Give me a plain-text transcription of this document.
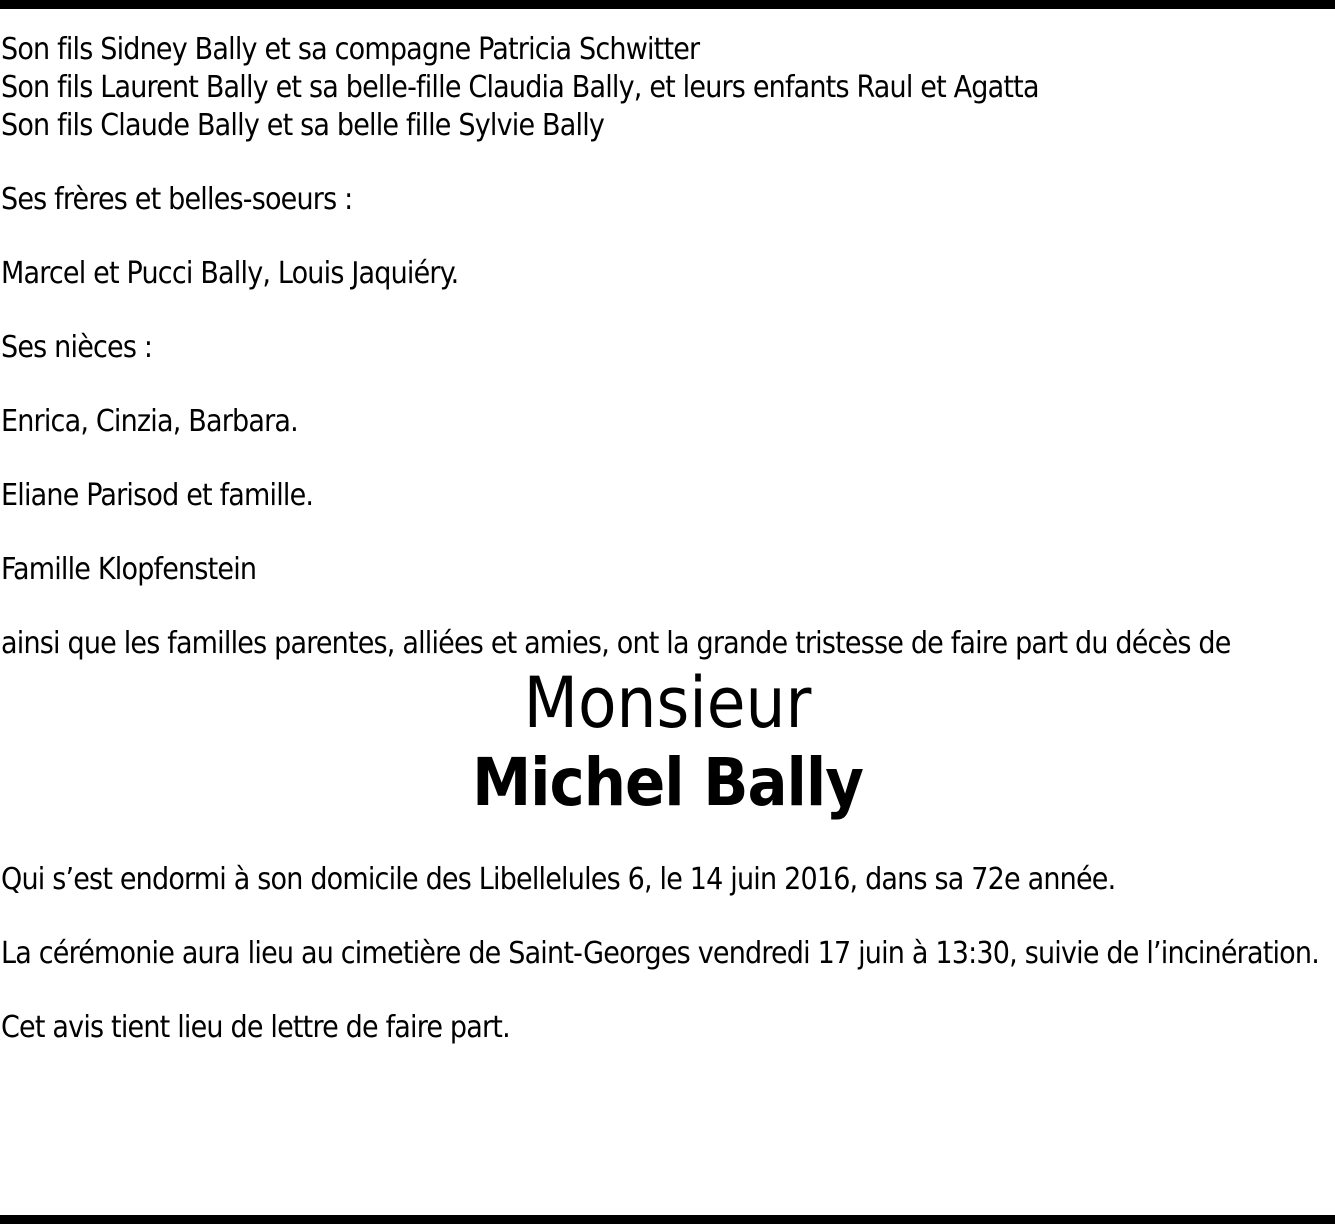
Son fils Sidney Bally et sa compagne Patricia Schwitter

Son fils Laurent Bally et sa belle-fille Claudia Bally, et leurs enfants Raul et Agatta

Son fils Claude Bally et sa belle fille Sylvie Bally

Ses frères et belles-soeurs :

Marcel et Pucci Bally, Louis Jaquiéry.

Ses nièces :

Enrica, Cinzia, Barbara.

Eliane Parisod et famille.

Famille Klopfenstein

ainsi que les familles parentes, alliées et amies, ont la grande tristesse de faire part du décès de

Monsieur

Michel Bally

Qui s’est endormi à son domicile des Libellelules 6, le 14 juin 2016, dans sa 72e année.

La cérémonie aura lieu au cimetière de Saint-Georges vendredi 17 juin à 13:30, suivie de l’incinération.

Cet avis tient lieu de lettre de faire part.
